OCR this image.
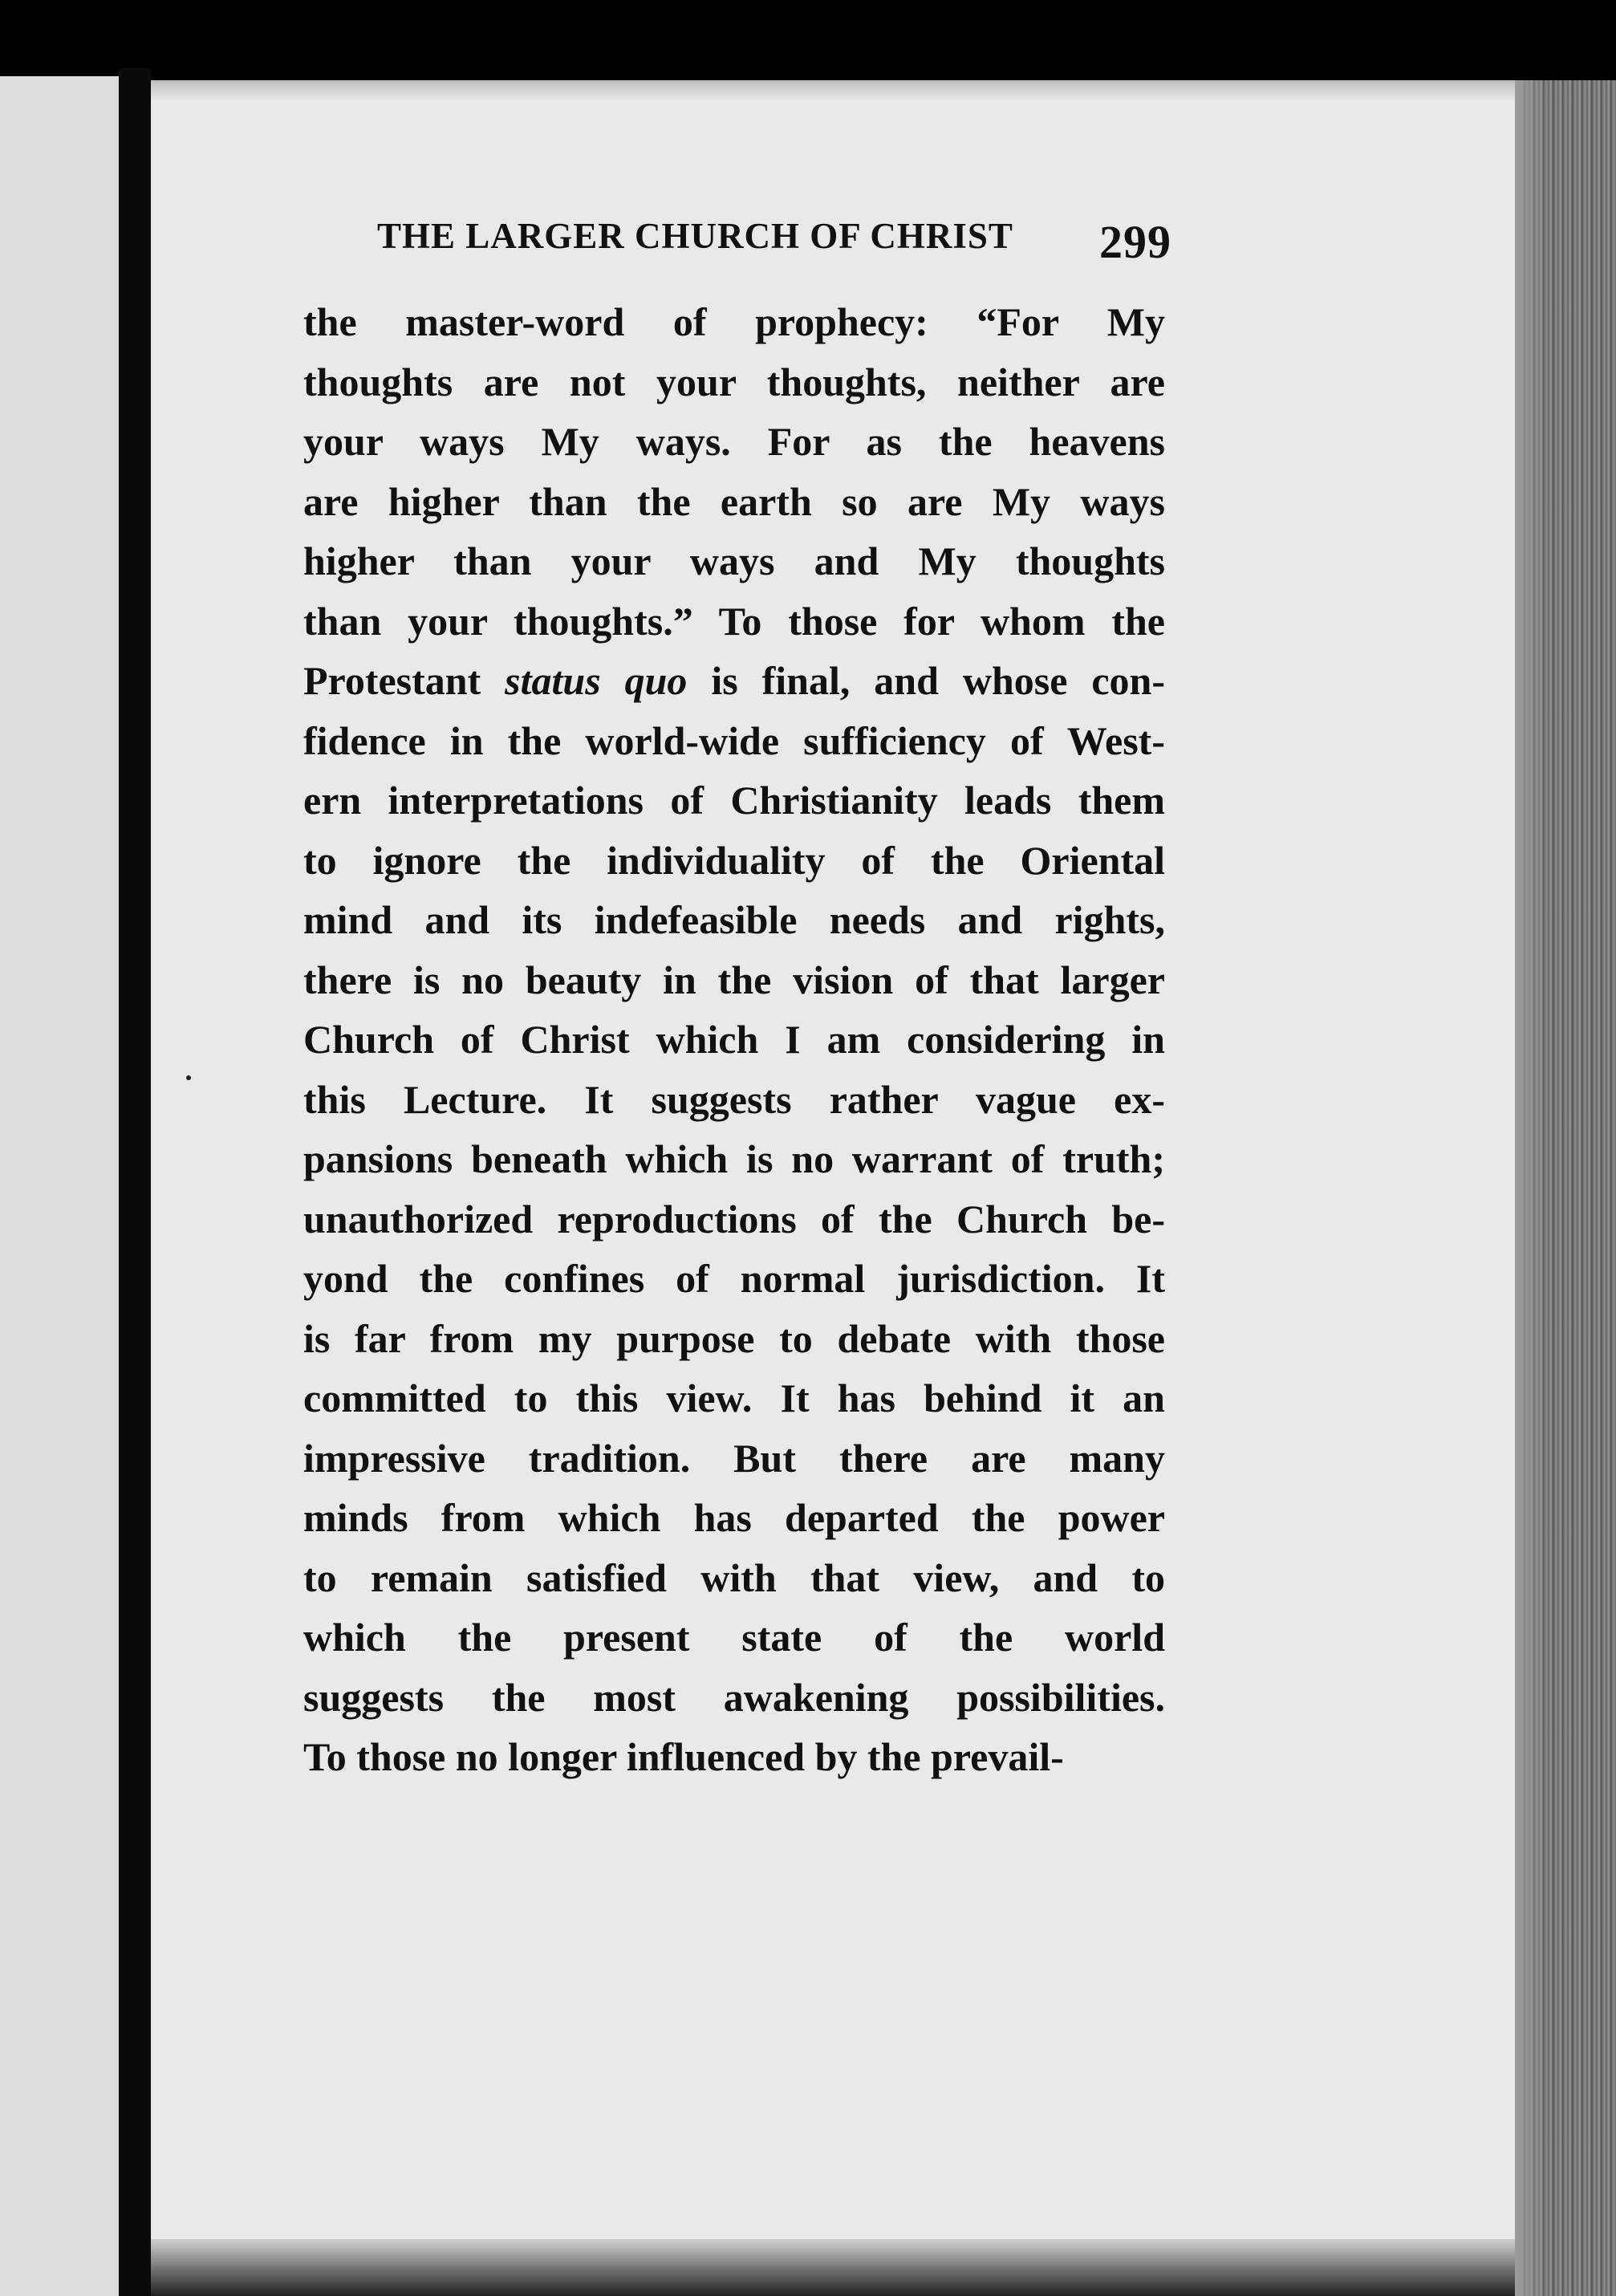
THE LARGER CHURCH OF CHRIST 299
the master-word of prophecy: “For My
thoughts are not your thoughts, neither are
your ways My ways. For as the heavens
are higher than the earth so are My ways
higher than your ways and My thoughts
than your thoughts.” To those for whom the
Protestant status quo is final, and whose con-
fidence in the world-wide sufficiency of West-
ern interpretations of Christianity leads them
to ignore the individuality of the Oriental
mind and its indefeasible needs and rights,
there is no beauty in the vision of that larger
Church of Christ which I am considering in
this Lecture. It suggests rather vague ex-
pansions beneath which is no warrant of truth;
unauthorized reproductions of the Church be-
yond the confines of normal jurisdiction. It
is far from my purpose to debate with those
committed to this view. It has behind it an
impressive tradition. But there are many
minds from which has departed the power
to remain satisfied with that view, and to
which the present state of the world
suggests the most awakening possibilities.
To those no longer influenced by the prevail-
